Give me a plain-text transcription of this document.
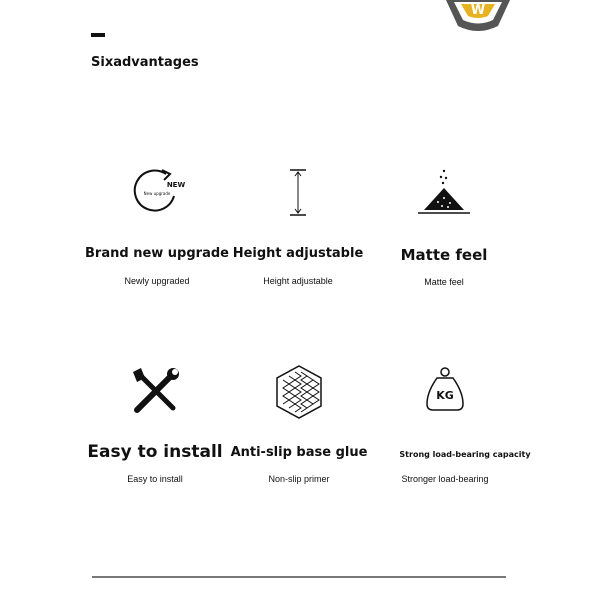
W
Sixadvantages
NEW
New upgrade
Brand new upgrade
Newly upgraded
Height adjustable
Height adjustable
Matte feel
Matte feel
Easy to install
Easy to install
Anti-slip base glue
Non-slip primer
KG
Strong load-bearing capacity
Stronger load-bearing
